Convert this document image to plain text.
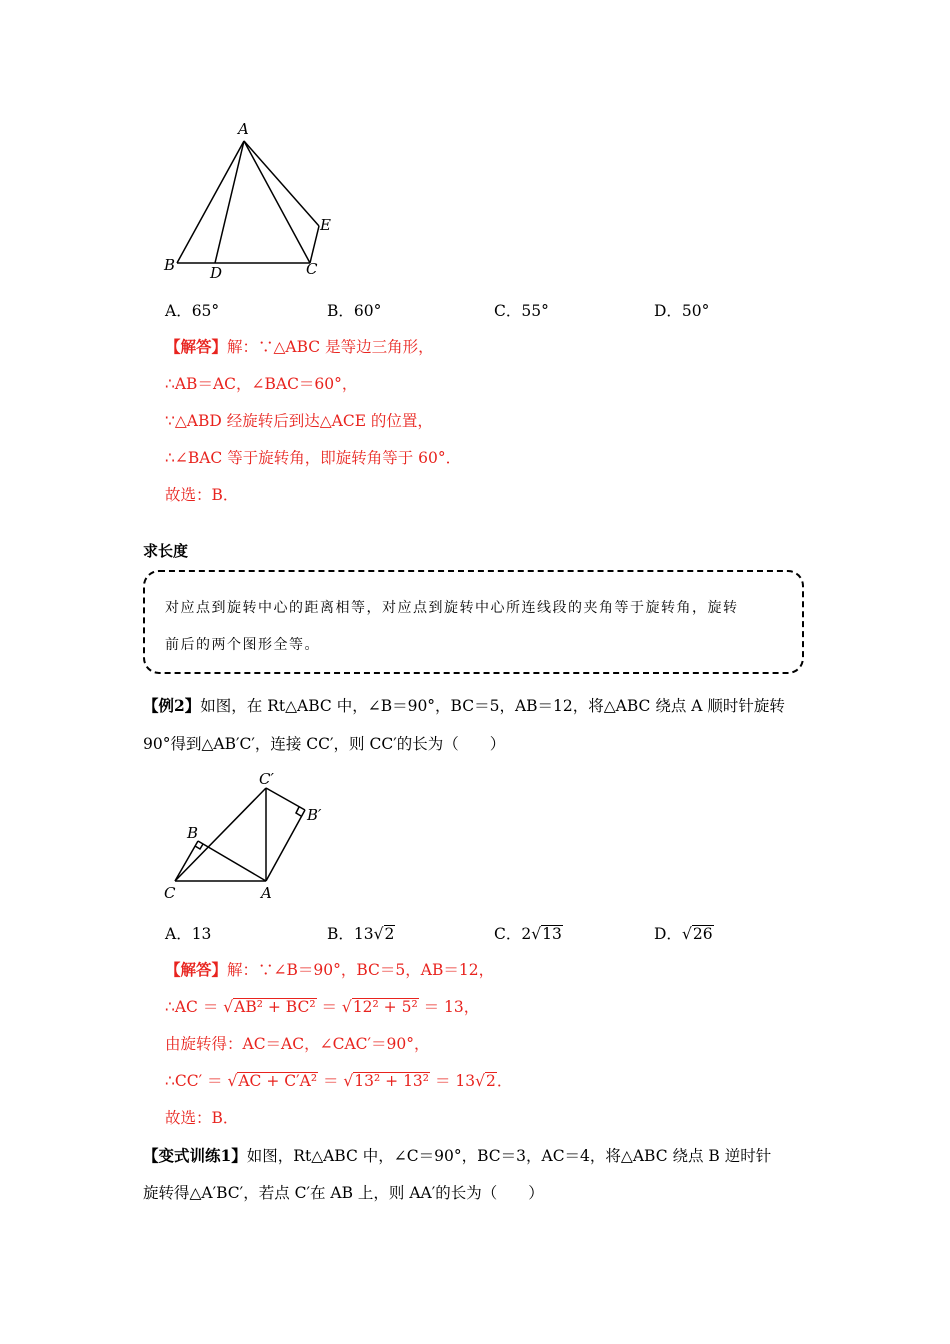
A
B D	C
E
A．65°	B．60°	C．55°	D．50°
【解答】解：∵△ABC 是等边三角形，
∴AB＝AC，∠BAC＝60°，
∵△ABD 经旋转后到达△ACE 的位置，
∴∠BAC 等于旋转角，即旋转角等于 60°．
故选：B．
求长度
对应点到旋转中心的距离相等，对应点到旋转中心所连线段的夹角等于旋转角，旋转
前后的两个图形全等。
【例2】如图，在 Rt△ABC 中，∠B＝90°，BC＝5，AB＝12，将△ABC 绕点 A 顺时针旋转
90°得到△AB′C′，连接 CC′，则 CC′的长为（　　）
C′
B′
B
C	A
A．13	B．13√2	C．2√13	D．√26
【解答】解：∵∠B＝90°，BC＝5，AB＝12，
∴AC ＝ √AB² + BC² ＝ √12² + 5² ＝ 13，
由旋转得：AC＝AC，∠CAC′＝90°，
∴CC′ ＝ √AC + C′A² ＝ √13² + 13² ＝ 13√2．
故选：B．
【变式训练1】如图，Rt△ABC 中，∠C＝90°，BC＝3，AC＝4，将△ABC 绕点 B 逆时针
旋转得△A′BC′，若点 C′在 AB 上，则 AA′的长为（　　）
